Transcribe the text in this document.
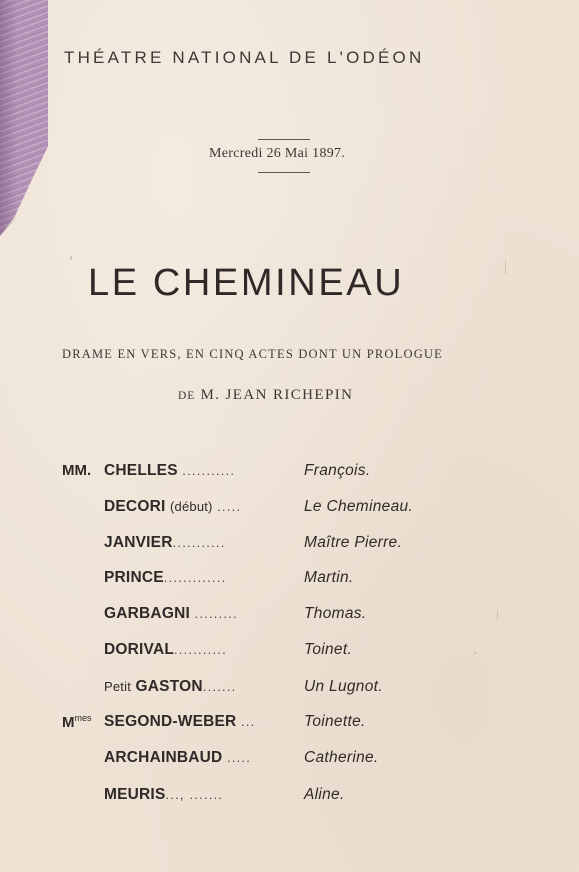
THÉATRE NATIONAL DE L'ODÉON
Mercredi 26 Mai 1897.
LE CHEMINEAU
DRAME EN VERS, EN CINQ ACTES DONT UN PROLOGUE
DE M. JEAN RICHEPIN
MM. CHELLES ...........	François.
DECORI (début) .....	Le Chemineau.
JANVIER...........	Maître Pierre.
PRINCE.............	Martin.
GARBAGNI .........	Thomas.
DORIVAL...........	Toinet.
Petit GASTON.......	Un Lugnot.
$M^{mes}$ SEGOND-WEBER ...	Toinette.
ARCHAINBAUD .....	Catherine.
MEURIS..., .......	Aline.
